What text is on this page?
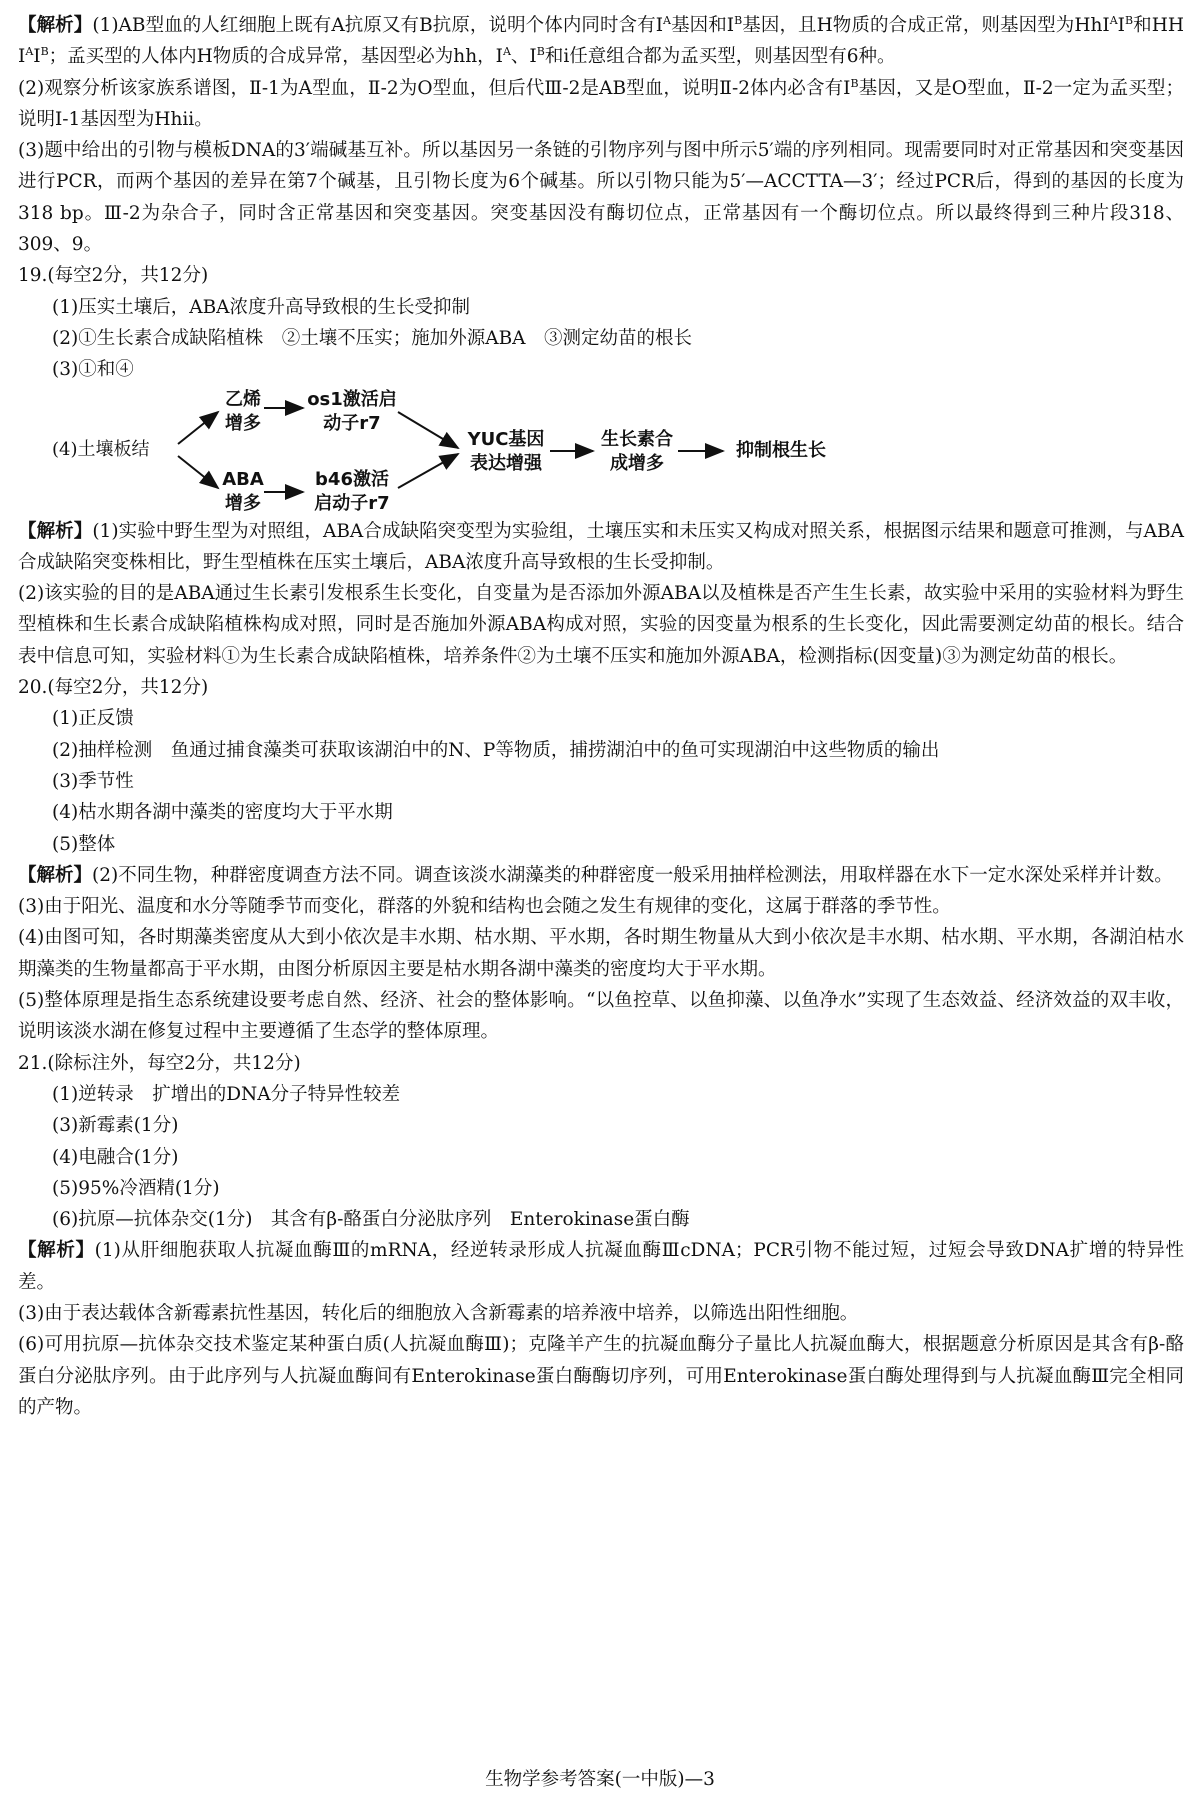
【解析】(1)AB型血的人红细胞上既有A抗原又有B抗原，说明个体内同时含有$I^A$基因和$I^B$基因，且H物质的合成正常，则基因型为$HhI^AI^B$和HH $I^AI^B$；孟买型的人体内H物质的合成异常，基因型必为hh，$I^A$、$I^B$和i任意组合都为孟买型，则基因型有6种。

(2)观察分析该家族系谱图，Ⅱ-1为A型血，Ⅱ-2为O型血，但后代Ⅲ-2是AB型血，说明Ⅱ-2体内必含有$I^B$基因，又是O型血，Ⅱ-2一定为孟买型；说明Ⅰ-1基因型为Hhii。

(3)题中给出的引物与模板DNA的3′端碱基互补。所以基因另一条链的引物序列与图中所示5′端的序列相同。现需要同时对正常基因和突变基因进行PCR，而两个基因的差异在第7个碱基，且引物长度为6个碱基。所以引物只能为5′—ACCTTA—3′；经过PCR后，得到的基因的长度为318 bp。Ⅲ-2为杂合子，同时含正常基因和突变基因。突变基因没有酶切位点，正常基因有一个酶切位点。所以最终得到三种片段318、309、9。

19.(每空2分，共12分)

(1)压实土壤后，ABA浓度升高导致根的生长受抑制

(2)①生长素合成缺陷植株　②土壤不压实；施加外源ABA　③测定幼苗的根长

(3)①和④

(4)土壤板结
乙烯
增多
os1激活启
动子r7
ABA
增多
b46激活
启动子r7
YUC基因
表达增强
生长素合
成增多
抑制根生长

【解析】(1)实验中野生型为对照组，ABA合成缺陷突变型为实验组，土壤压实和未压实又构成对照关系，根据图示结果和题意可推测，与ABA合成缺陷突变株相比，野生型植株在压实土壤后，ABA浓度升高导致根的生长受抑制。

(2)该实验的目的是ABA通过生长素引发根系生长变化，自变量为是否添加外源ABA以及植株是否产生生长素，故实验中采用的实验材料为野生型植株和生长素合成缺陷植株构成对照，同时是否施加外源ABA构成对照，实验的因变量为根系的生长变化，因此需要测定幼苗的根长。结合表中信息可知，实验材料①为生长素合成缺陷植株，培养条件②为土壤不压实和施加外源ABA，检测指标(因变量)③为测定幼苗的根长。

20.(每空2分，共12分)

(1)正反馈

(2)抽样检测　鱼通过捕食藻类可获取该湖泊中的N、P等物质，捕捞湖泊中的鱼可实现湖泊中这些物质的输出

(3)季节性

(4)枯水期各湖中藻类的密度均大于平水期

(5)整体

【解析】(2)不同生物，种群密度调查方法不同。调查该淡水湖藻类的种群密度一般采用抽样检测法，用取样器在水下一定水深处采样并计数。

(3)由于阳光、温度和水分等随季节而变化，群落的外貌和结构也会随之发生有规律的变化，这属于群落的季节性。

(4)由图可知，各时期藻类密度从大到小依次是丰水期、枯水期、平水期，各时期生物量从大到小依次是丰水期、枯水期、平水期，各湖泊枯水期藻类的生物量都高于平水期，由图分析原因主要是枯水期各湖中藻类的密度均大于平水期。

(5)整体原理是指生态系统建设要考虑自然、经济、社会的整体影响。“以鱼控草、以鱼抑藻、以鱼净水”实现了生态效益、经济效益的双丰收，说明该淡水湖在修复过程中主要遵循了生态学的整体原理。

21.(除标注外，每空2分，共12分)

(1)逆转录　扩增出的DNA分子特异性较差

(3)新霉素(1分)

(4)电融合(1分)

(5)95%冷酒精(1分)

(6)抗原—抗体杂交(1分)　其含有β-酪蛋白分泌肽序列　Enterokinase蛋白酶

【解析】(1)从肝细胞获取人抗凝血酶Ⅲ的mRNA，经逆转录形成人抗凝血酶ⅢcDNA；PCR引物不能过短，过短会导致DNA扩增的特异性差。

(3)由于表达载体含新霉素抗性基因，转化后的细胞放入含新霉素的培养液中培养，以筛选出阳性细胞。

(6)可用抗原—抗体杂交技术鉴定某种蛋白质(人抗凝血酶Ⅲ)；克隆羊产生的抗凝血酶分子量比人抗凝血酶大，根据题意分析原因是其含有β-酪蛋白分泌肽序列。由于此序列与人抗凝血酶间有Enterokinase蛋白酶酶切序列，可用Enterokinase蛋白酶处理得到与人抗凝血酶Ⅲ完全相同的产物。

生物学参考答案(一中版)—3
